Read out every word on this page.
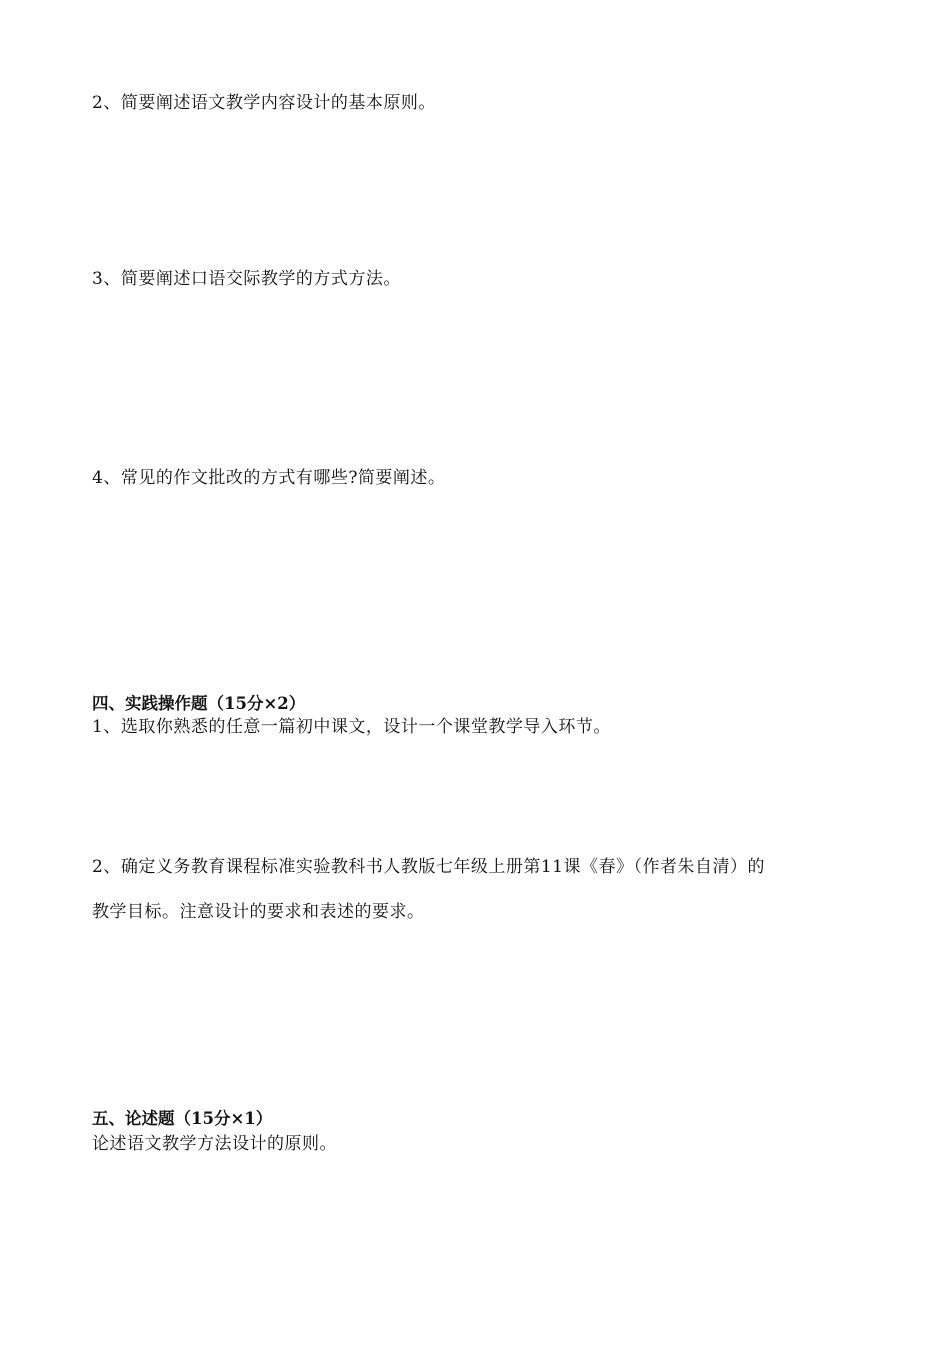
2、简要阐述语文教学内容设计的基本原则。
3、简要阐述口语交际教学的方式方法。
4、常见的作文批改的方式有哪些?简要阐述。
四、实践操作题（15分×2）
1、选取你熟悉的任意一篇初中课文，设计一个课堂教学导入环节。
2、确定义务教育课程标准实验教科书人教版七年级上册第11课《春》（作者朱自清）的
教学目标。注意设计的要求和表述的要求。
五、论述题（15分×1）
论述语文教学方法设计的原则。
